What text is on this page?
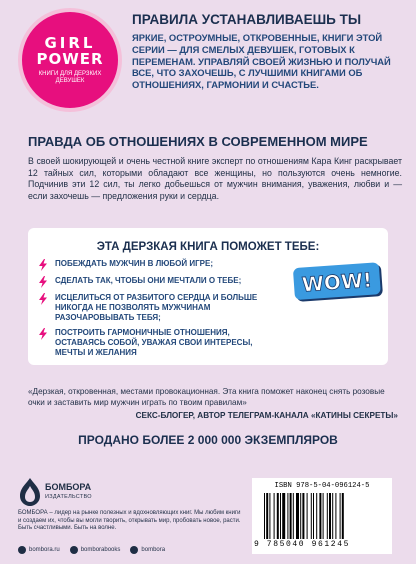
GIRL
POWER
КНИГИ ДЛЯ ДЕРЗКИХ ДЕВУШЕК
ПРАВИЛА УСТАНАВЛИВАЕШЬ ТЫ
ЯРКИЕ, ОСТРОУМНЫЕ, ОТКРОВЕННЫЕ, КНИГИ ЭТОЙ СЕРИИ — ДЛЯ СМЕЛЫХ ДЕВУШЕК, ГОТОВЫХ К ПЕРЕМЕНАМ. УПРАВЛЯЙ СВОЕЙ ЖИЗНЬЮ И ПОЛУЧАЙ ВСЕ, ЧТО ЗАХОЧЕШЬ, С ЛУЧШИМИ КНИГАМИ ОБ ОТНОШЕНИЯХ, ГАРМОНИИ И СЧАСТЬЕ.
ПРАВДА ОБ ОТНОШЕНИЯХ В СОВРЕМЕННОМ МИРЕ
В своей шокирующей и очень честной книге эксперт по отношениям Кара Кинг раскрывает 12 тайных сил, которыми обладают все женщины, но пользуются очень немногие. Подчинив эти 12 сил, ты легко добьешься от мужчин внимания, уважения, любви и — если захочешь — предложения руки и сердца.
ЭТА ДЕРЗКАЯ КНИГА ПОМОЖЕТ ТЕБЕ:
ПОБЕЖДАТЬ МУЖЧИН В ЛЮБОЙ ИГРЕ;
СДЕЛАТЬ ТАК, ЧТОБЫ ОНИ МЕЧТАЛИ О ТЕБЕ;
ИСЦЕЛИТЬСЯ ОТ РАЗБИТОГО СЕРДЦА И БОЛЬШЕ НИКОГДА НЕ ПОЗВОЛЯТЬ МУЖЧИНАМ РАЗОЧАРОВЫВАТЬ ТЕБЯ;
ПОСТРОИТЬ ГАРМОНИЧНЫЕ ОТНОШЕНИЯ, ОСТАВАЯСЬ СОБОЙ, УВАЖАЯ СВОИ ИНТЕРЕСЫ, МЕЧТЫ И ЖЕЛАНИЯ
WOW!
«Дерзкая, откровенная, местами провокационная. Эта книга поможет наконец снять розовые очки и заставить мир мужчин играть по твоим правилам»
СЕКС-БЛОГЕР, АВТОР ТЕЛЕГРАМ-КАНАЛА «КАТИНЫ СЕКРЕТЫ»
ПРОДАНО БОЛЕЕ 2 000 000 ЭКЗЕМПЛЯРОВ
БОМБОРА
ИЗДАТЕЛЬСТВО
БОМБОРА – лидер на рынке полезных и вдохновляющих книг. Мы любим книги и создаем их, чтобы вы могли творить, открывать мир, пробовать новое, расти. Быть счастливыми. Быть на волне.
bombora.ru	bomborabooks	bombora
ISBN 978-5-04-096124-5
9 785040 961245
